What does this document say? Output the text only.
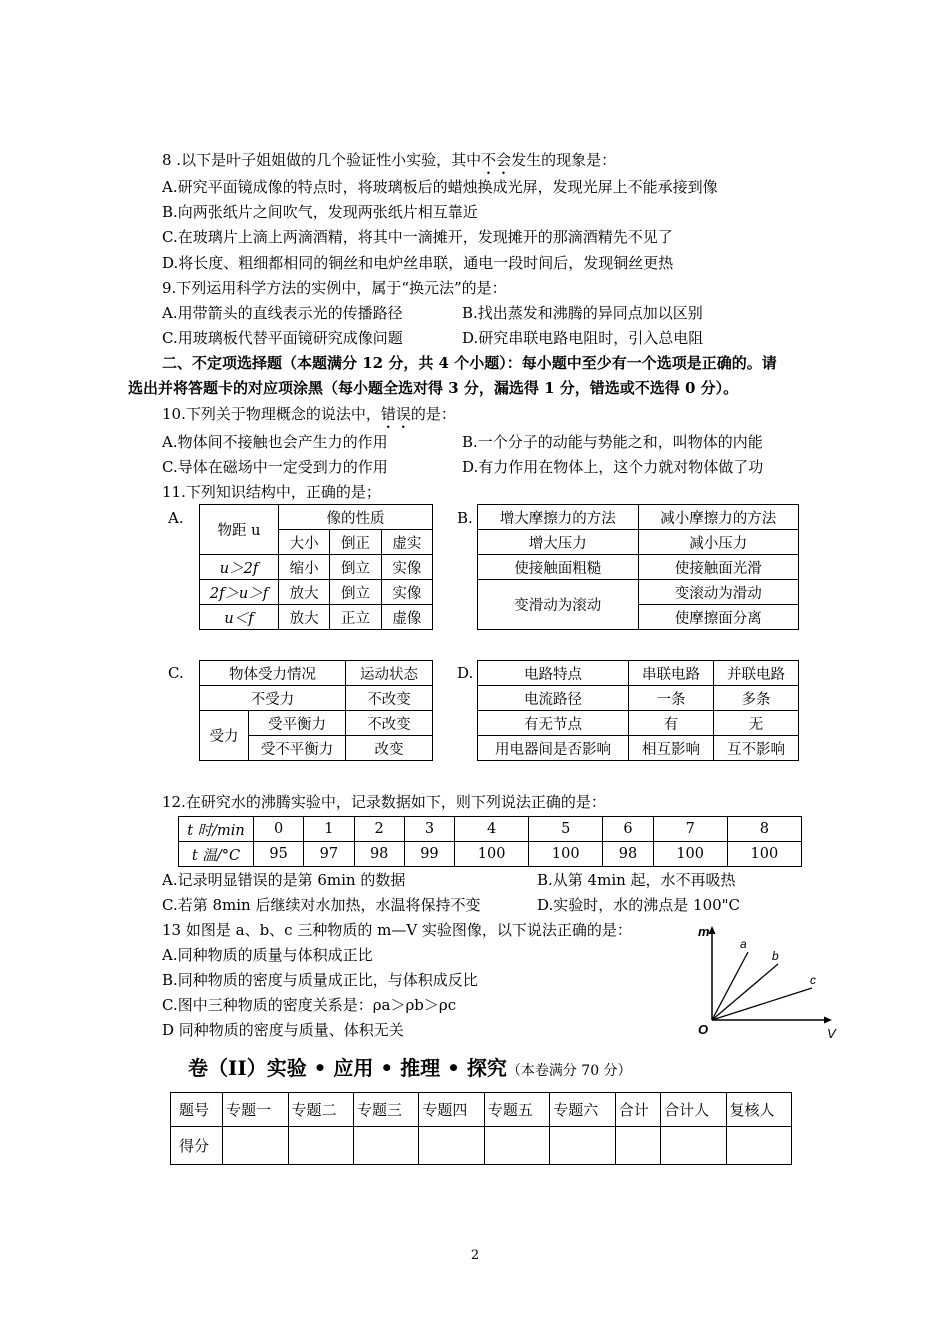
8 .以下是叶子姐姐做的几个验证性小实验，其中不会发生的现象是：
A.研究平面镜成像的特点时，将玻璃板后的蜡烛换成光屏，发现光屏上不能承接到像
B.向两张纸片之间吹气，发现两张纸片相互靠近
C.在玻璃片上滴上两滴酒精，将其中一滴摊开，发现摊开的那滴酒精先不见了
D.将长度、粗细都相同的铜丝和电炉丝串联，通电一段时间后，发现铜丝更热
9.下列运用科学方法的实例中，属于“换元法”的是：
A.用带箭头的直线表示光的传播路径	B.找出蒸发和沸腾的异同点加以区别
C.用玻璃板代替平面镜研究成像问题	D.研究串联电路电阻时，引入总电阻
二、不定项选择题（本题满分 12 分，共 4 个小题）：每小题中至少有一个选项是正确的。请
选出并将答题卡的对应项涂黑（每小题全选对得 3 分，漏选得 1 分，错选或不选得 0 分）。
10.下列关于物理概念的说法中，错误的是：
A.物体间不接触也会产生力的作用	B.一个分子的动能与势能之和，叫物体的内能
C.导体在磁场中一定受到力的作用	D.有力作用在物体上，这个力就对物体做了功
11.下列知识结构中，正确的是；
A.
物距 u	像的性质		
	大小	倒正	虚实
u＞2f	缩小	倒立	实像
2f＞u＞f	放大	倒立	实像
u＜f	放大	正立	虚像
B. 增大摩擦力的方法	减小摩擦力的方法
增大压力	减小压力
使接触面粗糙	使接触面光滑
变滑动为滚动	变滚动为滑动
	使摩擦面分离
C.	物体受力情况		运动状态
不受力		不改变
受力	受平衡力	不改变
	受不平衡力	改变
D.	电路特点	串联电路	并联电路
电流路径	一条	多条
有无节点	有	无
用电器间是否影响	相互影响	互不影响
12.在研究水的沸腾实验中，记录数据如下，则下列说法正确的是：
t 时/min	0	1	2	3	4	5	6	7	8
t 温/°C	95	97	98	99	100	100	98	100	100
A.记录明显错误的是第 6min 的数据	B.从第 4min 起，水不再吸热
C.若第 8min 后继续对水加热，水温将保持不变	D.实验时，水的沸点是 100"C
13 如图是 a、b、c 三种物质的 m—V 实验图像，以下说法正确的是：
A.同种物质的质量与体积成正比
B.同种物质的密度与质量成正比，与体积成反比
C.图中三种物质的密度关系是：ρa＞ρb＞ρc
D 同种物质的密度与质量、体积无关
m
V
O
a
b
c
卷（II）实验 • 应用 • 推理 • 探究（本卷满分 70 分）
题号	专题一	专题二	专题三	专题四	专题五	专题六	合计	合计人	复核人
得分									
2
